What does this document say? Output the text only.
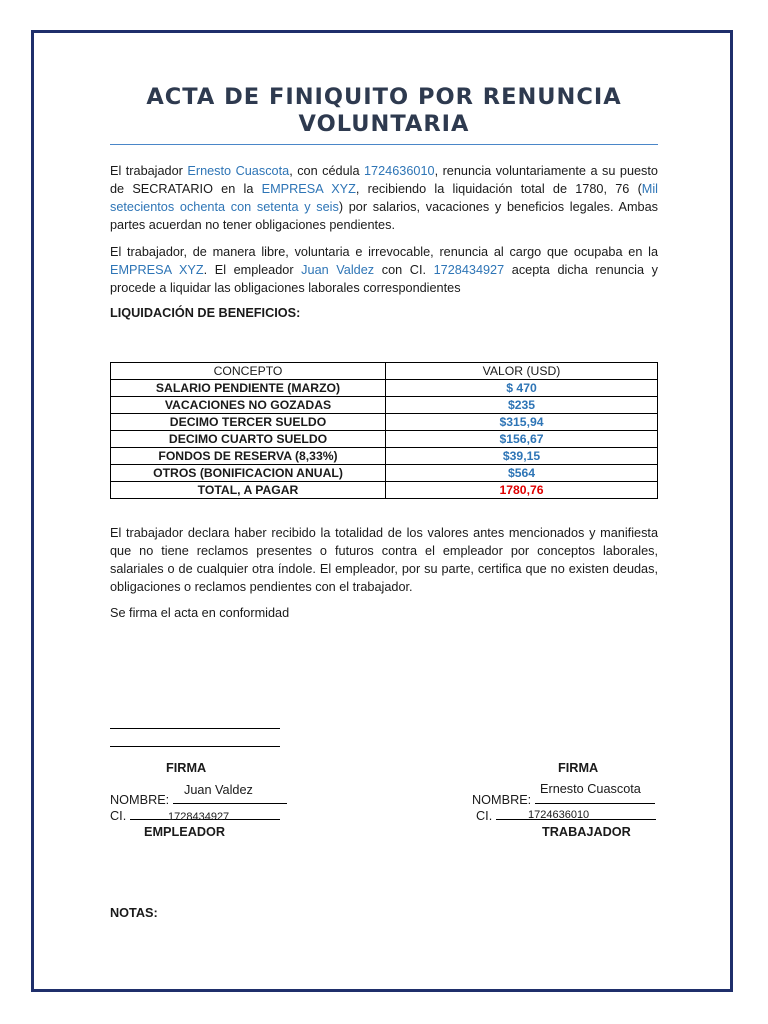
ACTA DE FINIQUITO POR RENUNCIA VOLUNTARIA

El trabajador Ernesto Cuascota, con cédula 1724636010, renuncia voluntariamente a su puesto de SECRATARIO en la EMPRESA XYZ, recibiendo la liquidación total de 1780, 76 (Mil setecientos ochenta con setenta y seis) por salarios, vacaciones y beneficios legales. Ambas partes acuerdan no tener obligaciones pendientes.

El trabajador, de manera libre, voluntaria e irrevocable, renuncia al cargo que ocupaba en la EMPRESA XYZ. El empleador Juan Valdez con CI. 1728434927 acepta dicha renuncia y procede a liquidar las obligaciones laborales correspondientes

LIQUIDACIÓN DE BENEFICIOS:
CONCEPTO	VALOR (USD)
SALARIO PENDIENTE (MARZO)	$ 470
VACACIONES NO GOZADAS	$235
DECIMO TERCER SUELDO	$315,94
DECIMO CUARTO SUELDO	$156,67
FONDOS DE RESERVA (8,33%)	$39,15
OTROS (BONIFICACION ANUAL)	$564
TOTAL, A PAGAR	1780,76

El trabajador declara haber recibido la totalidad de los valores antes mencionados y manifiesta que no tiene reclamos presentes o futuros contra el empleador por conceptos laborales, salariales o de cualquier otra índole. El empleador, por su parte, certifica que no existen deudas, obligaciones o reclamos pendientes con el trabajador.

Se firma el acta en conformidad

FIRMA
Juan Valdez
NOMBRE:
CI.	1728434927
EMPLEADOR
FIRMA
Ernesto Cuascota
NOMBRE:
CI.	1724636010
TRABAJADOR
NOTAS:
